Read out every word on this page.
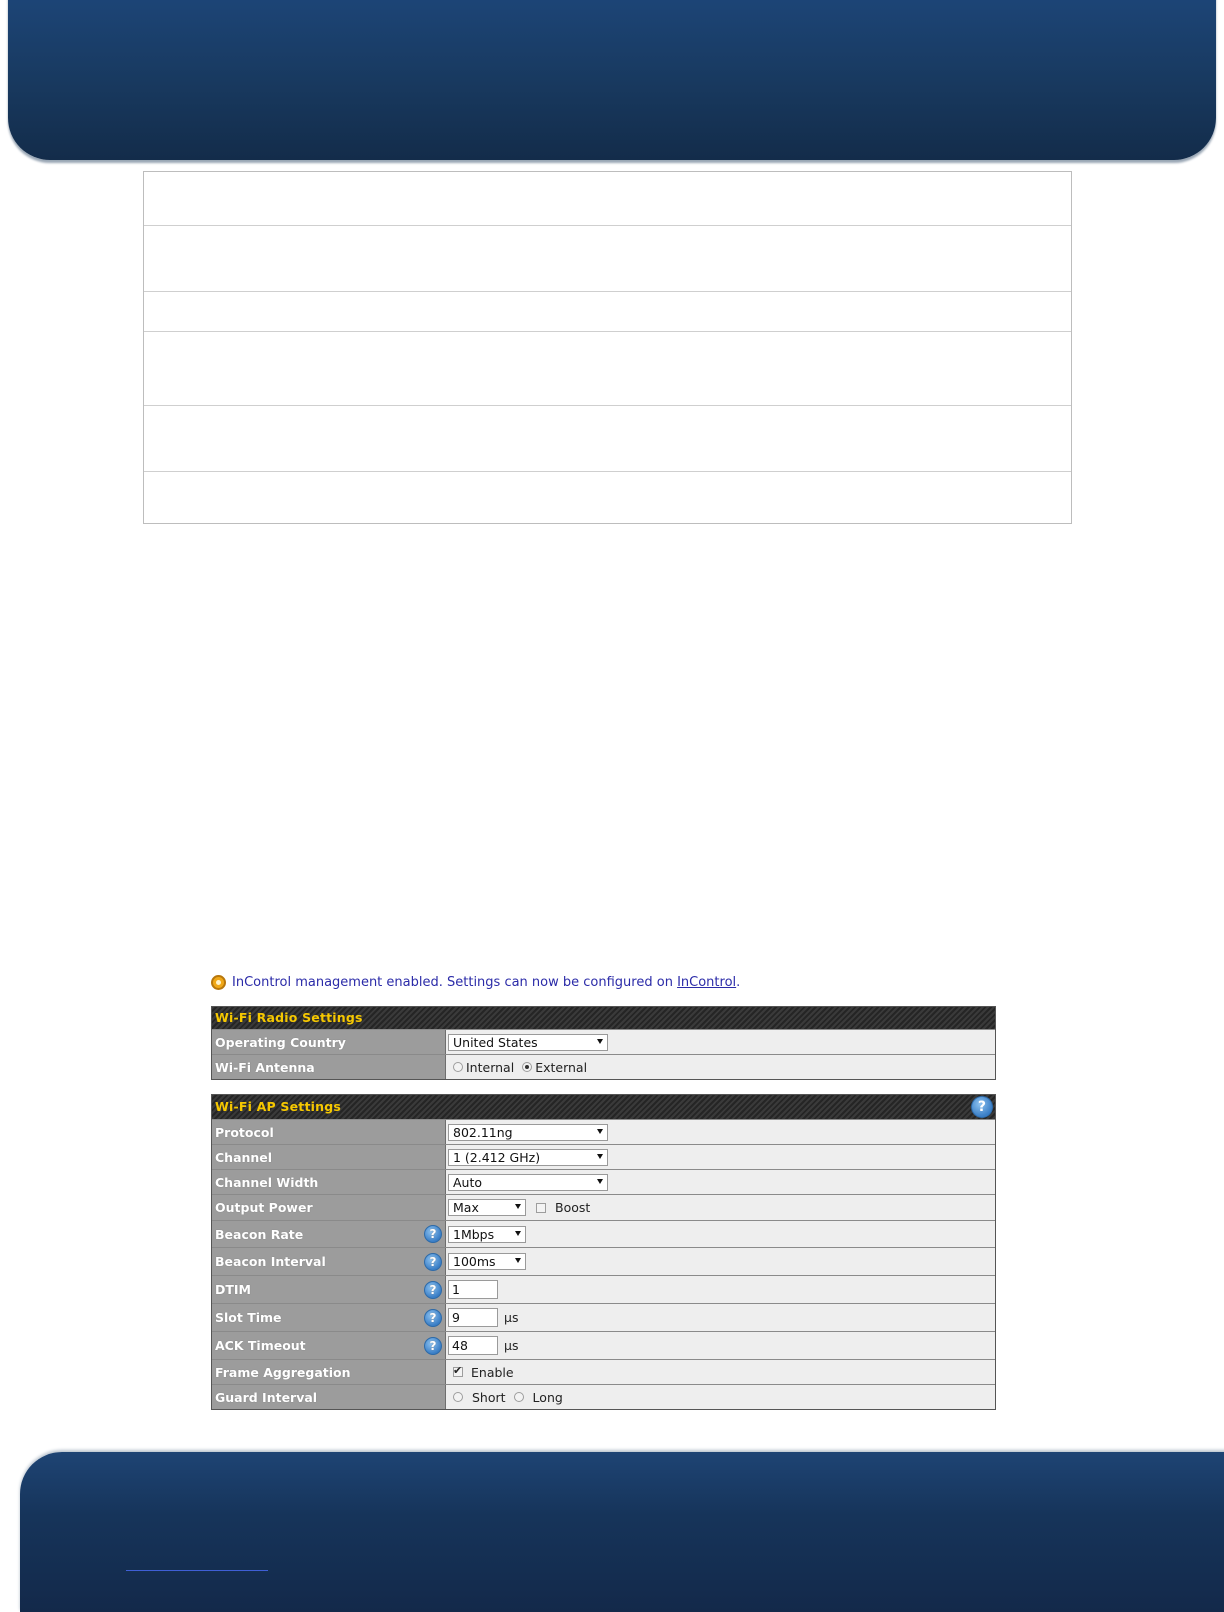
InControl management enabled. Settings can now be configured on
InControl .
Wi-Fi Radio Settings
Operating Country	United States
Wi-Fi Antenna	Internal External
Wi-Fi AP Settings	?
Protocol	802.11ng
Channel	1 (2.412 GHz)
Channel Width	Auto
Output Power	Max	Boost
Beacon Rate	?	1Mbps
Beacon Interval	?	100ms
DTIM	?	1
Slot Time	?	9	μs
ACK Timeout	?	48	μs
Frame Aggregation	✔ Enable
Guard Interval	Short Long
